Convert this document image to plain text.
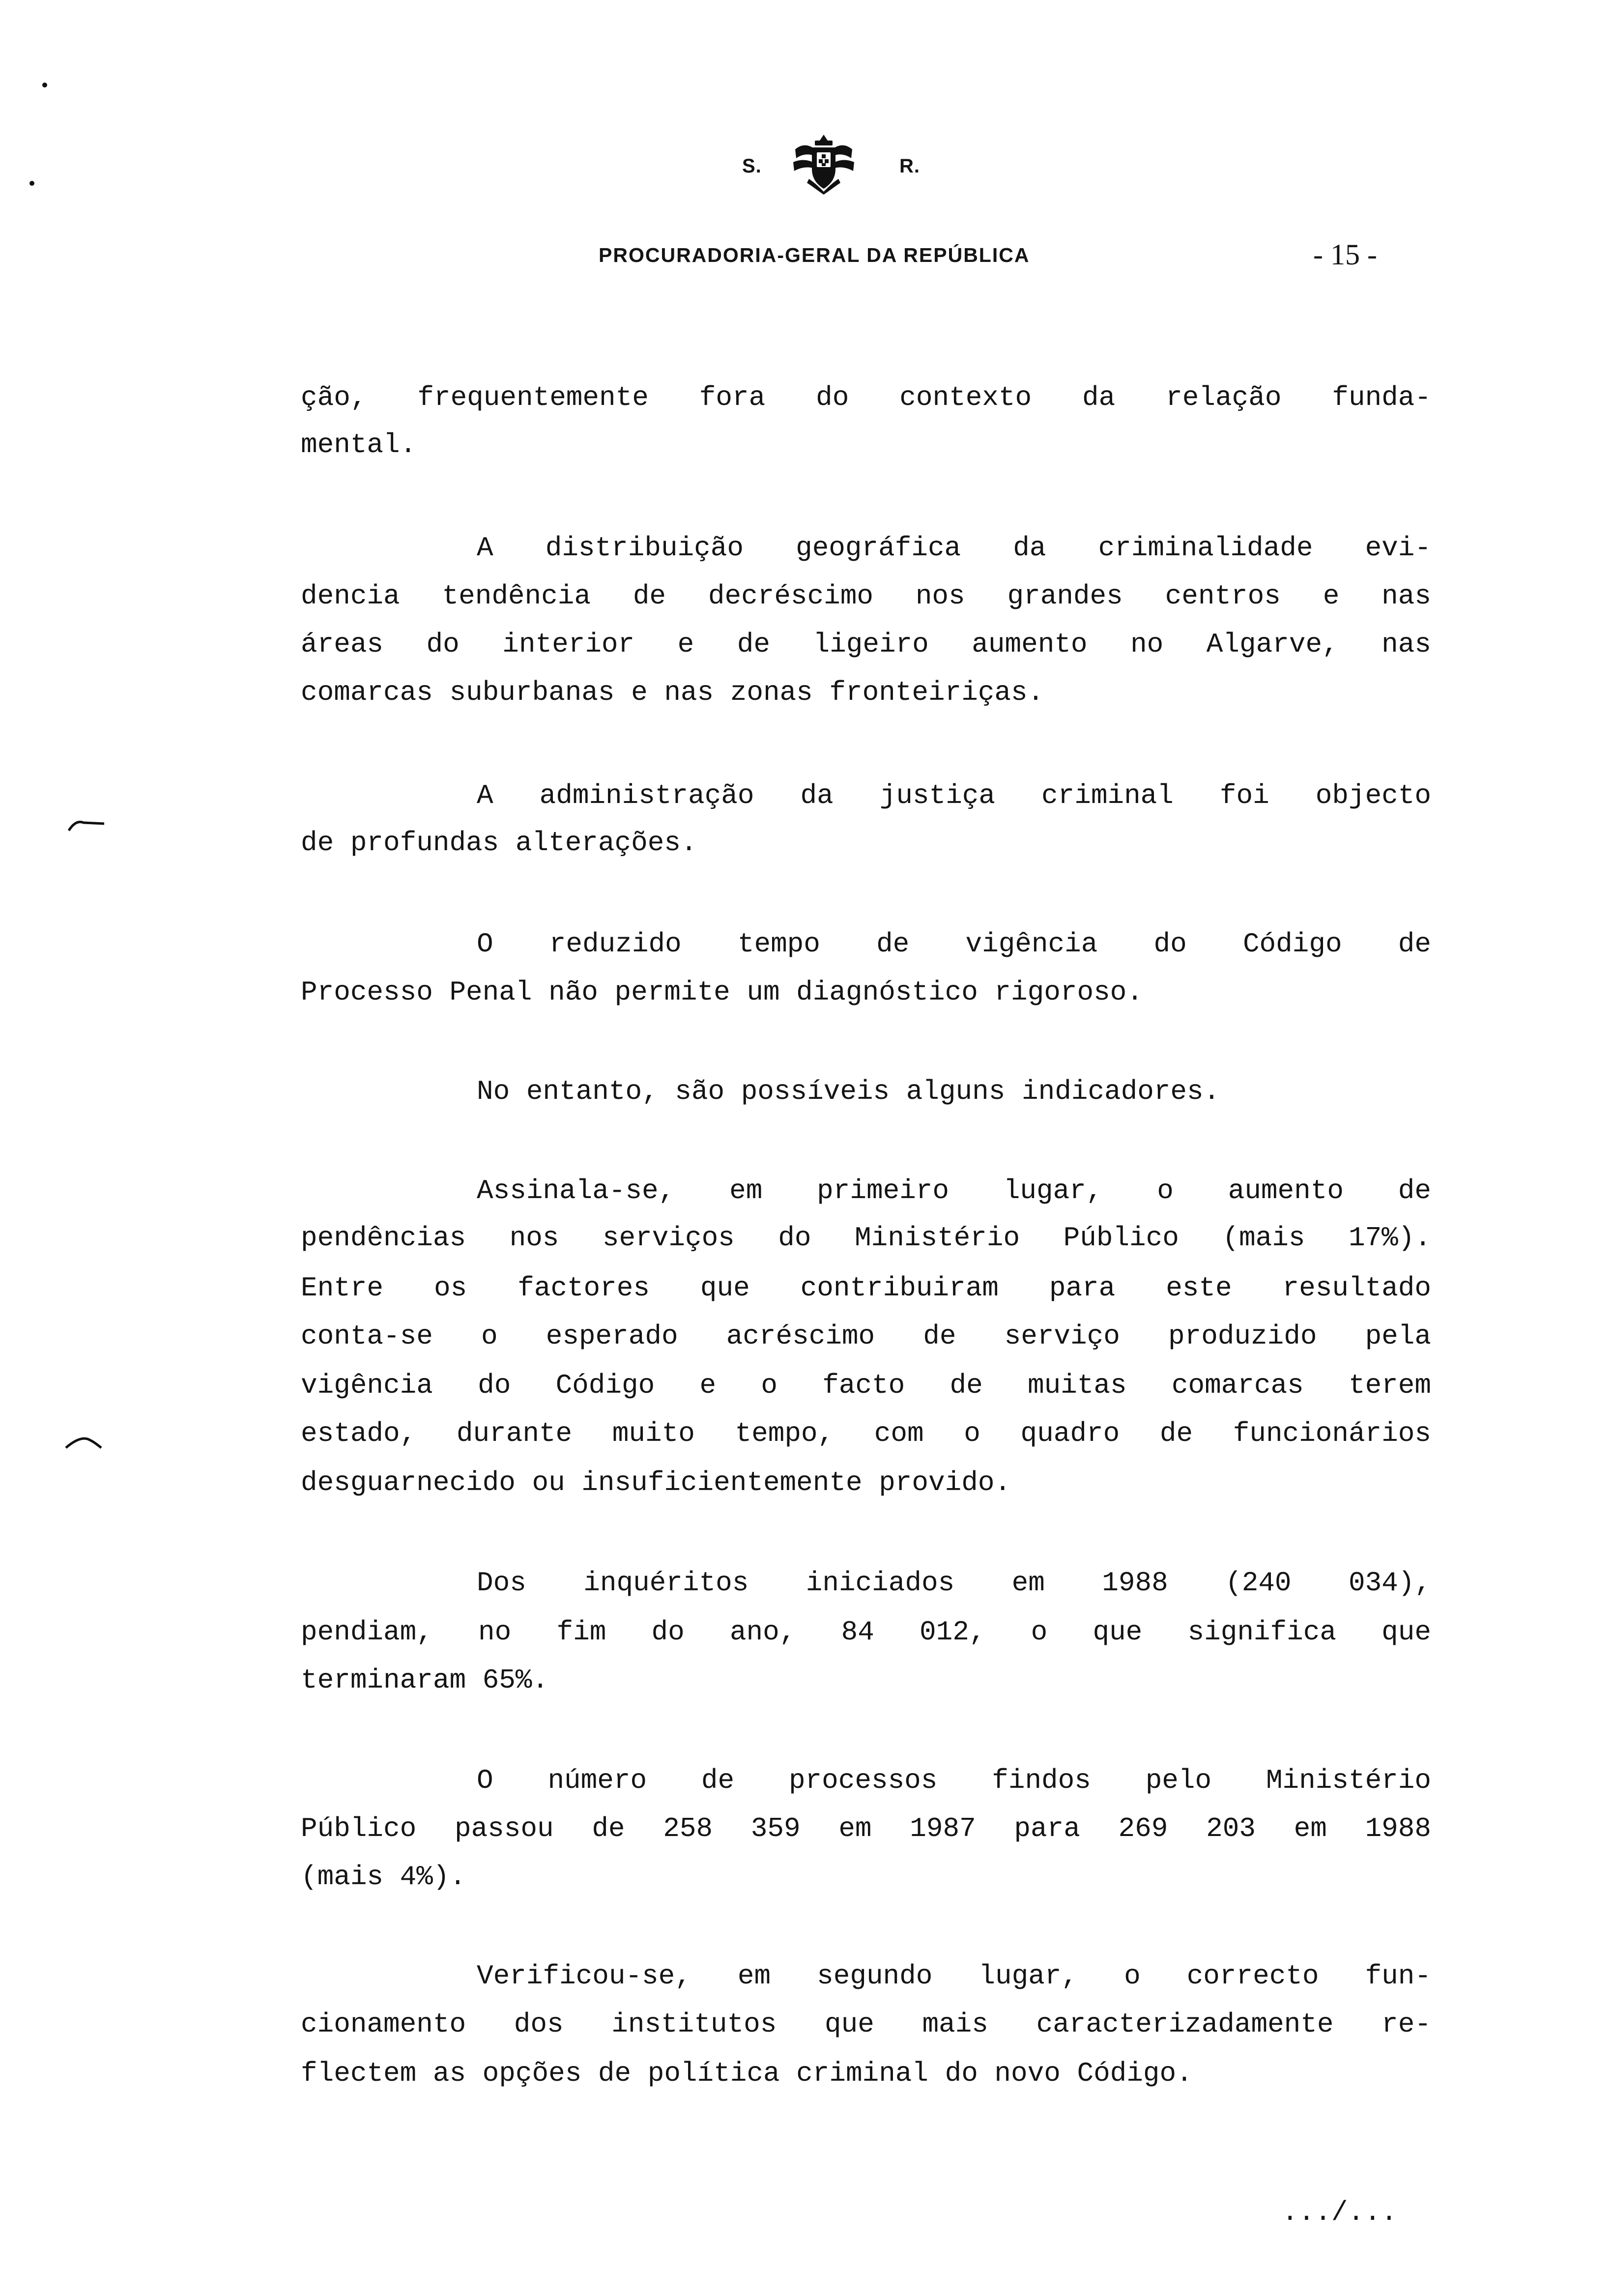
S.	R.
PROCURADORIA-GERAL DA REPÚBLICA	- 15 -
ção, frequentemente fora do contexto da relação funda-
mental.
A distribuição geográfica da criminalidade evi-
dencia tendência de decréscimo nos grandes centros e nas
áreas do interior e de ligeiro aumento no Algarve, nas
comarcas suburbanas e nas zonas fronteiriças.
A administração da justiça criminal foi objecto
de profundas alterações.
O reduzido tempo de vigência do Código de
Processo Penal não permite um diagnóstico rigoroso.
No entanto, são possíveis alguns indicadores.
Assinala-se, em primeiro lugar, o aumento de
pendências nos serviços do Ministério Público (mais 17%).
Entre os factores que contribuiram para este resultado
conta-se o esperado acréscimo de serviço produzido pela
vigência do Código e o facto de muitas comarcas terem
estado, durante muito tempo, com o quadro de funcionários
desguarnecido ou insuficientemente provido.
Dos inquéritos iniciados em 1988 (240 034),
pendiam, no fim do ano, 84 012, o que significa que
terminaram 65%.
O número de processos findos pelo Ministério
Público passou de 258 359 em 1987 para 269 203 em 1988
(mais 4%).
Verificou-se, em segundo lugar, o correcto fun-
cionamento dos institutos que mais caracterizadamente re-
flectem as opções de política criminal do novo Código.
.../...
